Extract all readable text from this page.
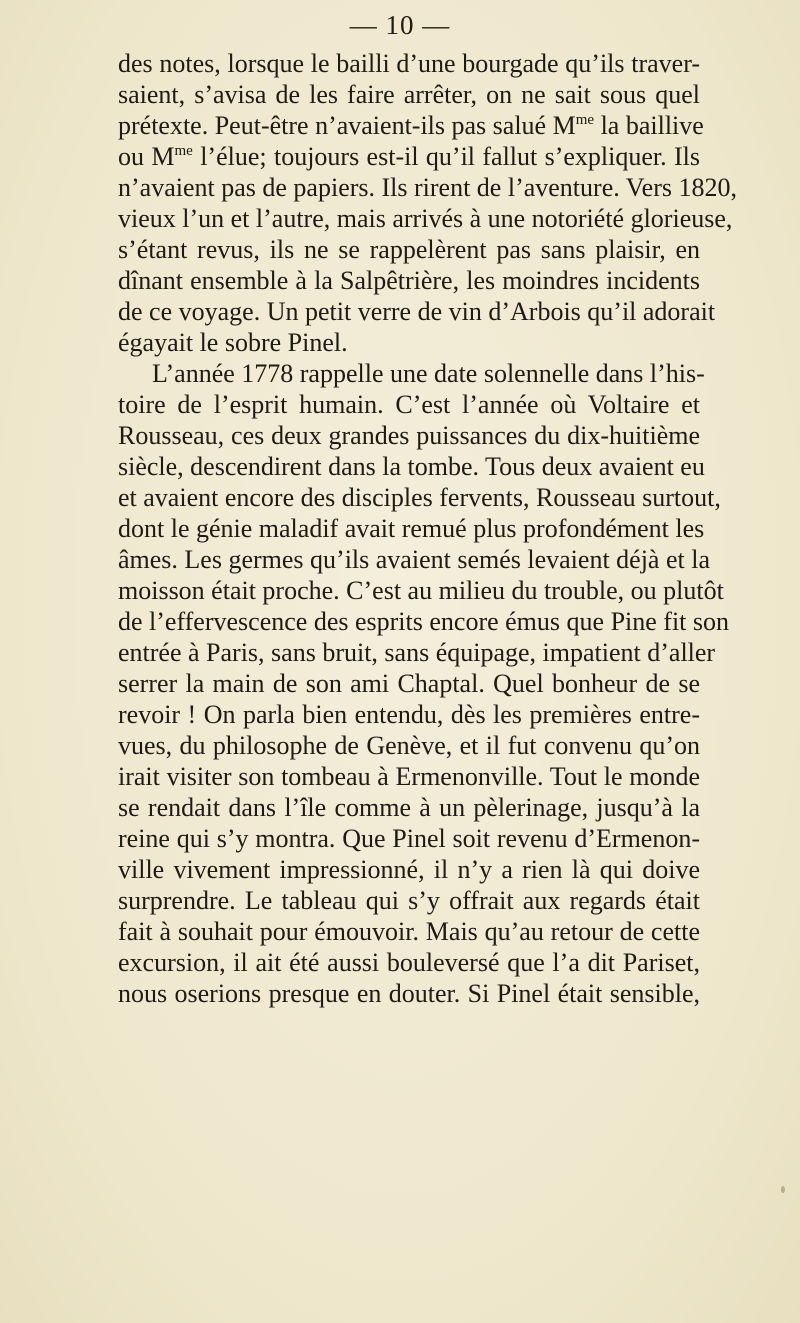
— 10 —
des notes, lorsque le bailli d’une bourgade qu’ils traver-
saient, s’avisa de les faire arrêter, on ne sait sous quel
prétexte. Peut-être n’avaient-ils pas salué $M^{me}$ la baillive
ou $M^{me}$ l’élue; toujours est-il qu’il fallut s’expliquer. Ils
n’avaient pas de papiers. Ils rirent de l’aventure. Vers 1820,
vieux l’un et l’autre, mais arrivés à une notoriété glorieuse,
s’étant revus, ils ne se rappelèrent pas sans plaisir, en
dînant ensemble à la Salpêtrière, les moindres incidents
de ce voyage. Un petit verre de vin d’Arbois qu’il adorait
égayait le sobre Pinel.
L’année 1778 rappelle une date solennelle dans l’his-
toire de l’esprit humain. C’est l’année où Voltaire et
Rousseau, ces deux grandes puissances du dix-huitième
siècle, descendirent dans la tombe. Tous deux avaient eu
et avaient encore des disciples fervents, Rousseau surtout,
dont le génie maladif avait remué plus profondément les
âmes. Les germes qu’ils avaient semés levaient déjà et la
moisson était proche. C’est au milieu du trouble, ou plutôt
de l’effervescence des esprits encore émus que Pine fit son
entrée à Paris, sans bruit, sans équipage, impatient d’aller
serrer la main de son ami Chaptal. Quel bonheur de se
revoir ! On parla bien entendu, dès les premières entre-
vues, du philosophe de Genève, et il fut convenu qu’on
irait visiter son tombeau à Ermenonville. Tout le monde
se rendait dans l’île comme à un pèlerinage, jusqu’à la
reine qui s’y montra. Que Pinel soit revenu d’Ermenon-
ville vivement impressionné, il n’y a rien là qui doive
surprendre. Le tableau qui s’y offrait aux regards était
fait à souhait pour émouvoir. Mais qu’au retour de cette
excursion, il ait été aussi bouleversé que l’a dit Pariset,
nous oserions presque en douter. Si Pinel était sensible,
